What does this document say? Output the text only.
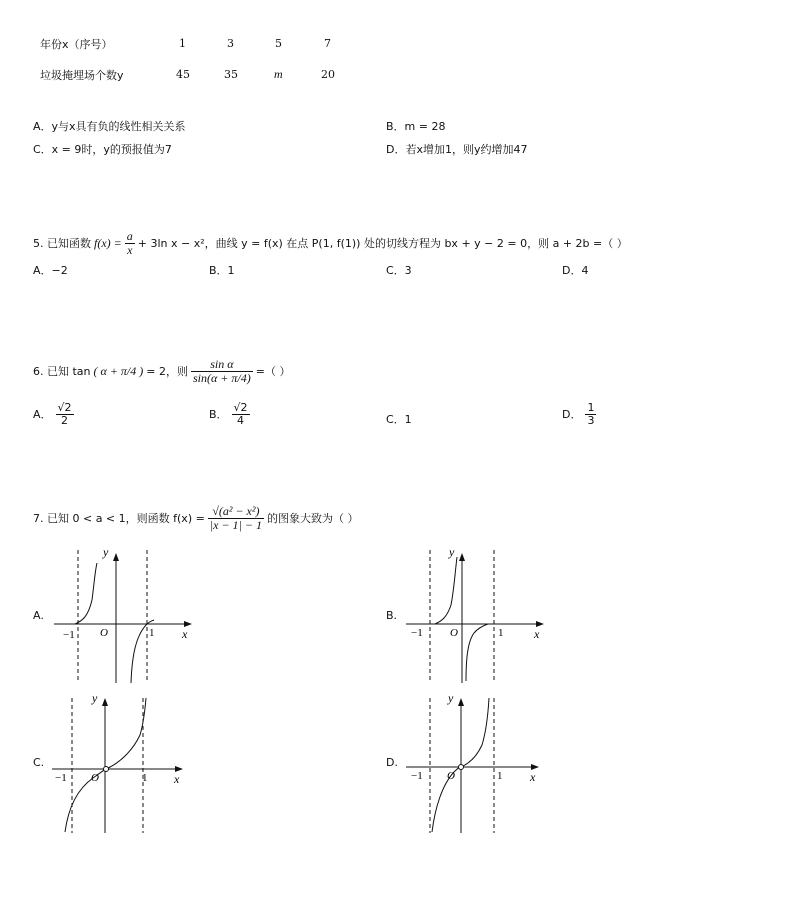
年份x（序号）	1	3	5	7
垃圾掩埋场个数y	45	35	m	20
A．y与x具有负的线性相关关系	B．m = 28
C．x = 9时，y的预报值为7	D．若x增加1，则y约增加47
5. 已知函数 $f(x) = \frac{a}{x} + 3\ln$ x − x²，曲线 y = f(x) 在点 P(1, f(1)) 处的切线方程为 bx + y − 2 = 0，则 a + 2b =（ ）
A．−2	B．1	C．3	D．4
6. 已知 tan ( α + π/4 ) = 2，则 $\frac{\text{sin α}}{\sin(\alpha + \pi/4)}$ =（ ）
A． $\frac{√2}{2}$	B． $\frac{√2}{4}$	C．1	D． $\frac{1}{3}$
7. 已知 0 < a < 1，则函数 $f(x) = \frac{\text{√(a² − x²)}}{|x - 1| - 1}$ 的图象大致为（ ）
A.	B.
C.	D.
y
x
O
−1	1
y
x
O
−1	1
y
x
O
−1	1
y
x
O
−1	1
